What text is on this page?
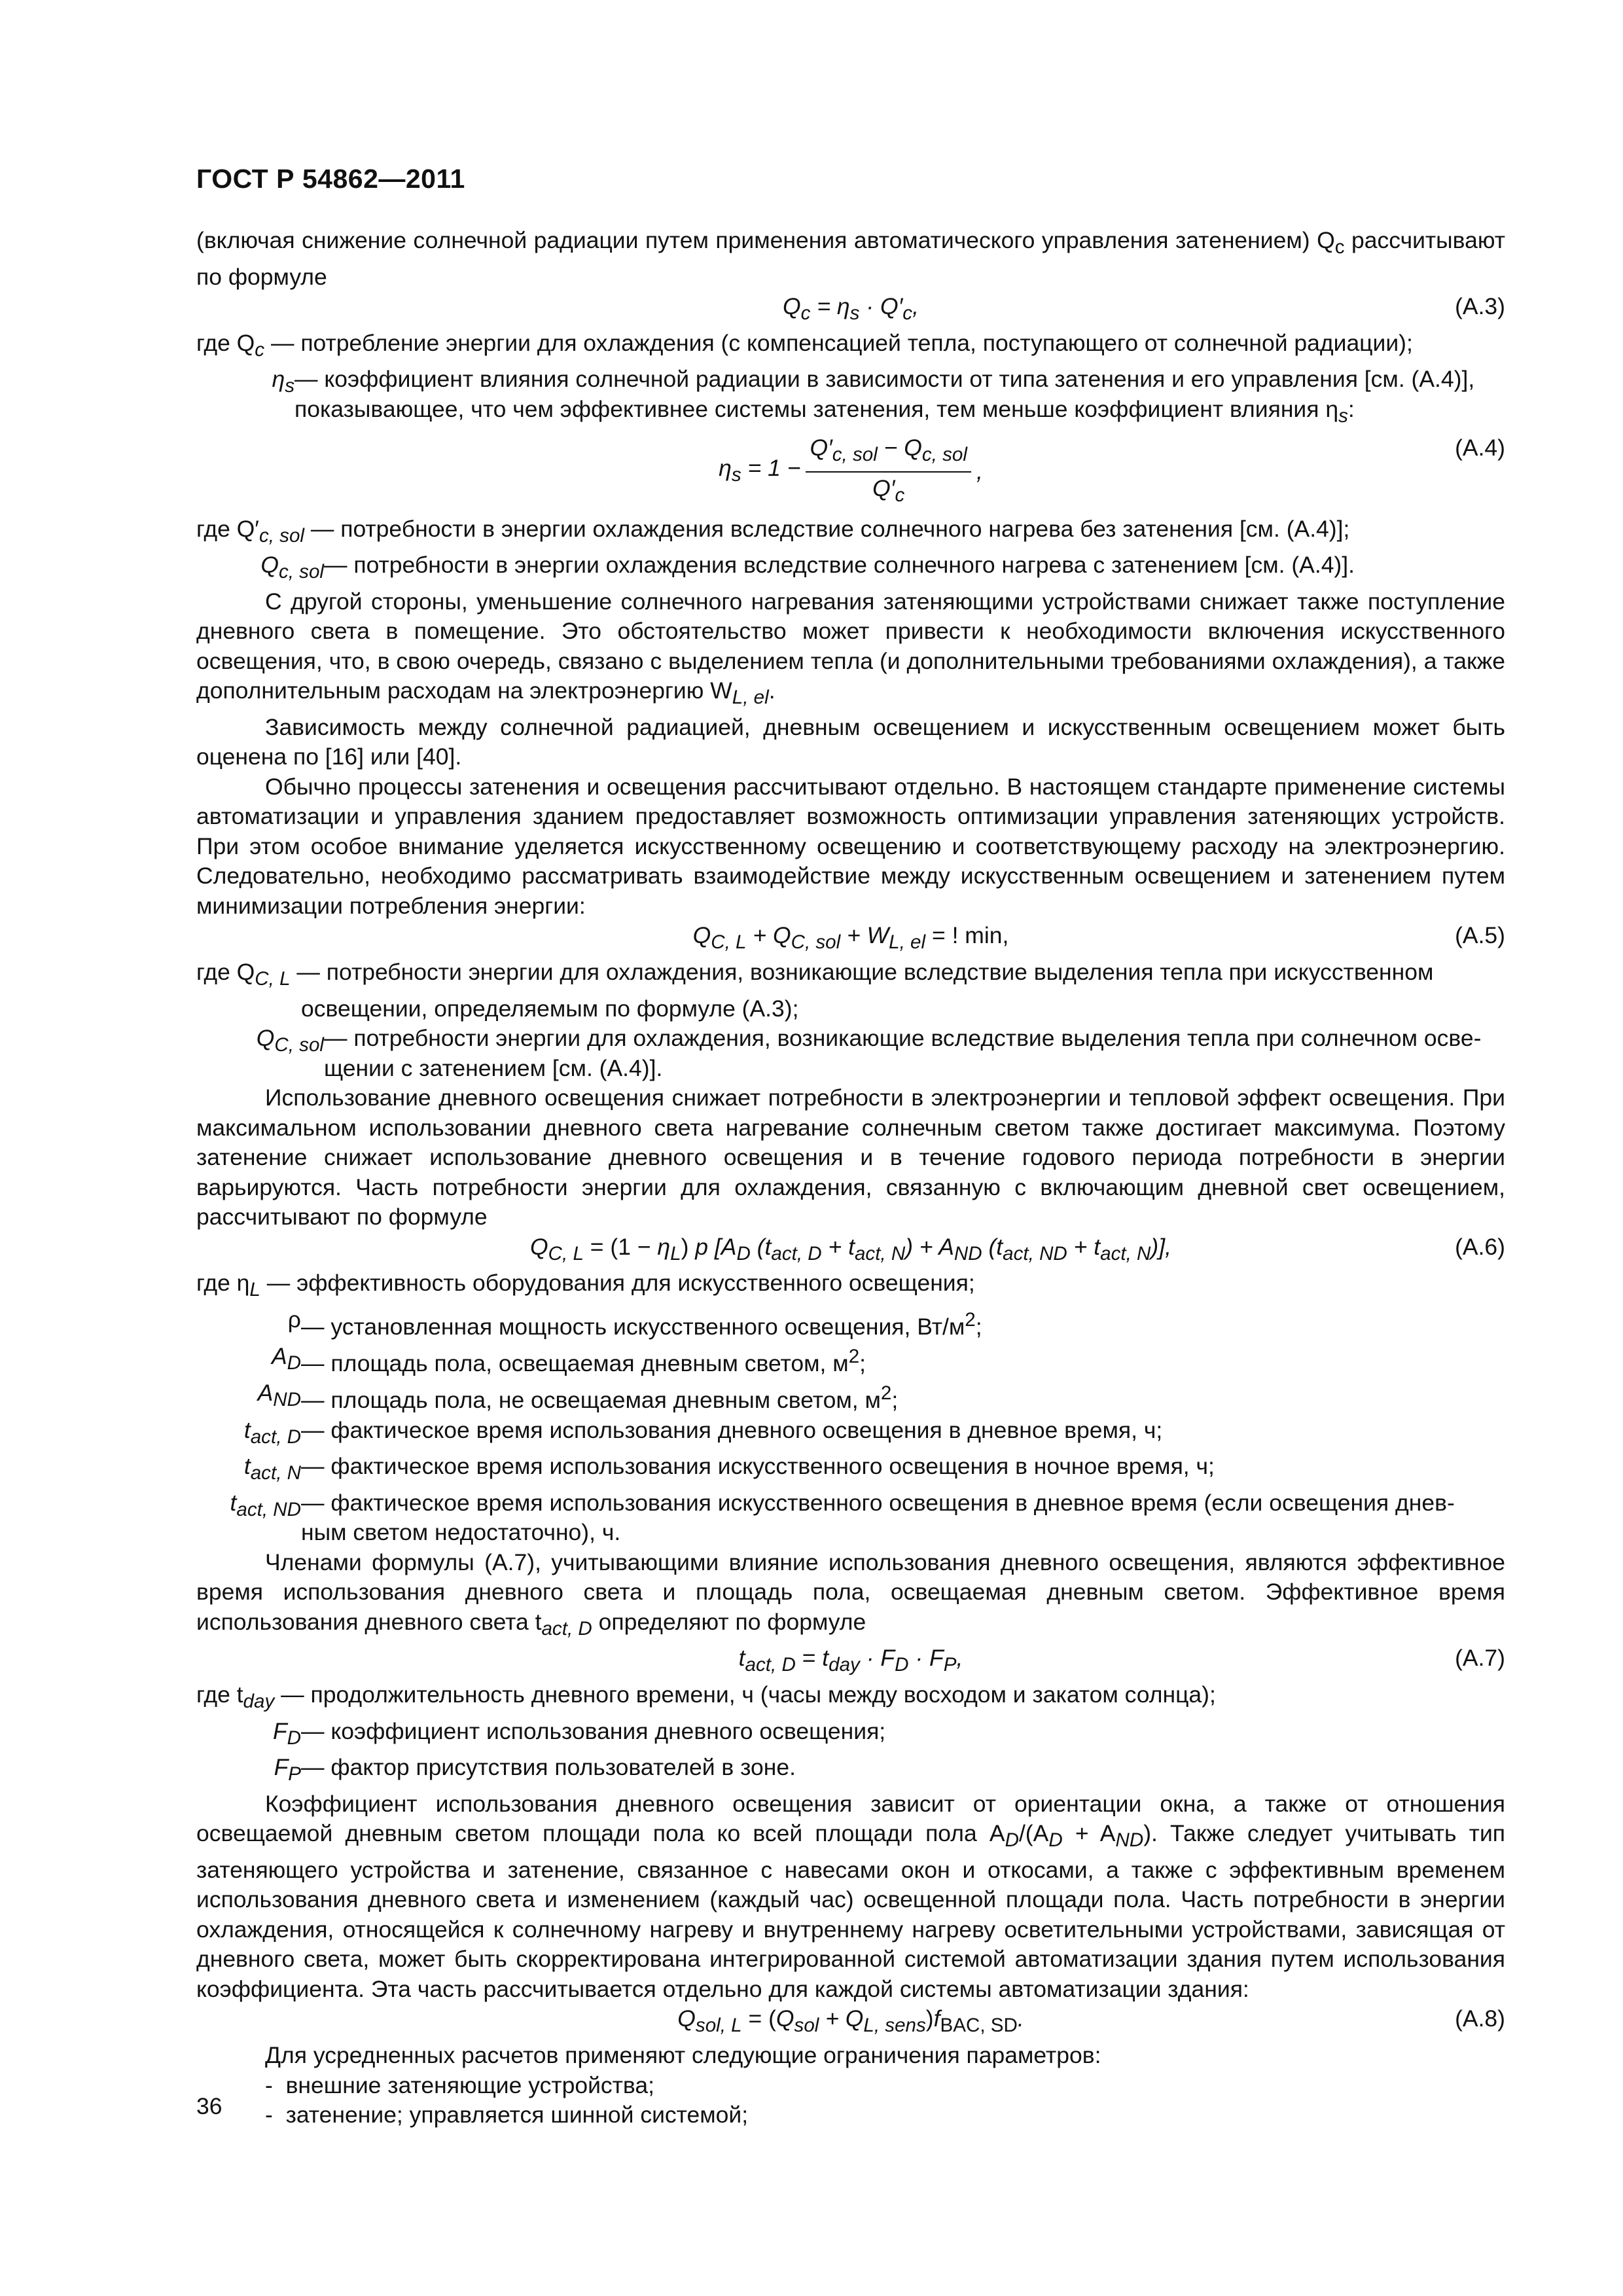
ГОСТ Р 54862—2011

(включая снижение солнечной радиации путем применения автоматического управления затенением) $Q_c$ рассчитывают по формуле

$Q_c = \eta_s \cdot Q'_c$,	(А.3)
где $Q_c$ — потребление энергии для охлаждения (с компенсацией тепла, поступающего от солнечной радиации);
$\eta_s$ — коэффициент влияния солнечной радиации в зависимости от типа затенения и его управления [см. (А.4)],
показывающее, что чем эффективнее системы затенения, тем меньше коэффициент влияния $\eta_s$:
$\eta_s = 1 - \frac{Q'_{c, sol} - Q_{c, sol}}{Q'_c}$ ,
(А.4)
где $Q'_{c, sol}$ — потребности в энергии охлаждения вследствие солнечного нагрева без затенения [см. (А.4)];
$Q_{c, sol}$ — потребности в энергии охлаждения вследствие солнечного нагрева с затенением [см. (А.4)].

С другой стороны, уменьшение солнечного нагревания затеняющими устройствами снижает также поступление дневного света в помещение. Это обстоятельство может привести к необходимости включения искусственного освещения, что, в свою очередь, связано с выделением тепла (и дополнительными требованиями охлаждения), а также дополнительным расходам на электроэнергию $W_{L, el}$.

Зависимость между солнечной радиацией, дневным освещением и искусственным освещением может быть оценена по [16] или [40].

Обычно процессы затенения и освещения рассчитывают отдельно. В настоящем стандарте применение системы автоматизации и управления зданием предоставляет возможность оптимизации управления затеняющих устройств. При этом особое внимание уделяется искусственному освещению и соответствующему расходу на электроэнергию. Следовательно, необходимо рассматривать взаимодействие между искусственным освещением и затенением путем минимизации потребления энергии:

$Q_{C, L} + Q_{C, sol} + W_{L, el}$ = ! min,	(А.5)
где $Q_{C, L}$ — потребности энергии для охлаждения, возникающие вследствие выделения тепла при искусственном
освещении, определяемым по формуле (А.3);
$Q_{C, sol}$ — потребности энергии для охлаждения, возникающие вследствие выделения тепла при солнечном осве-
щении с затенением [см. (А.4)].

Использование дневного освещения снижает потребности в электроэнергии и тепловой эффект освещения. При максимальном использовании дневного света нагревание солнечным светом также достигает максимума. Поэтому затенение снижает использование дневного освещения и в течение годового периода потребности в энергии варьируются. Часть потребности энергии для охлаждения, связанную с включающим дневной свет освещением, рассчитывают по формуле

$Q_{C, L} = (1 - \eta_L)$ p [$A_D$ $(t_{act, D} + t_{act, N}) + A_{ND}$ $(t_{act, ND} + t_{act, N})$],	(А.6)
где $\eta_L$ — эффективность оборудования для искусственного освещения;
ρ — установленная мощность искусственного освещения, $Вт/м^2$;
$A_D$ — площадь пола, освещаемая дневным светом, $м^2$;
$A_{ND}$ — площадь пола, не освещаемая дневным светом, $м^2$;
$t_{act, D}$ — фактическое время использования дневного освещения в дневное время, ч;
$t_{act, N}$ — фактическое время использования искусственного освещения в ночное время, ч;
$t_{act, ND}$ — фактическое время использования искусственного освещения в дневное время (если освещения днев-
ным светом недостаточно), ч.

Членами формулы (А.7), учитывающими влияние использования дневного освещения, являются эффективное время использования дневного света и площадь пола, освещаемая дневным светом. Эффективное время использования дневного света $t_{act, D}$ определяют по формуле

$t_{act, D} = t_{day} \cdot F_D \cdot F_P$,	(А.7)
где $t_{day}$ — продолжительность дневного времени, ч (часы между восходом и закатом солнца);
$F_D$ — коэффициент использования дневного освещения;
$F_P$ — фактор присутствия пользователей в зоне.

Коэффициент использования дневного освещения зависит от ориентации окна, а также от отношения освещаемой дневным светом площади пола ко всей площади пола $A_D/(A_D + A_{ND})$. Также следует учитывать тип затеняющего устройства и затенение, связанное с навесами окон и откосами, а также с эффективным временем использования дневного света и изменением (каждый час) освещенной площади пола. Часть потребности в энергии охлаждения, относящейся к солнечному нагреву и внутреннему нагреву осветительными устройствами, зависящая от дневного света, может быть скорректирована интегрированной системой автоматизации здания путем использования коэффициента. Эта часть рассчитывается отдельно для каждой системы автоматизации здания:

$Q_{sol, L} = (Q_{sol} + Q_{L, sens})f_{BAC, SD}$.	(А.8)

Для усредненных расчетов применяют следующие ограничения параметров:

-  внешние затеняющие устройства;
-  затенение; управляется шинной системой;
36
